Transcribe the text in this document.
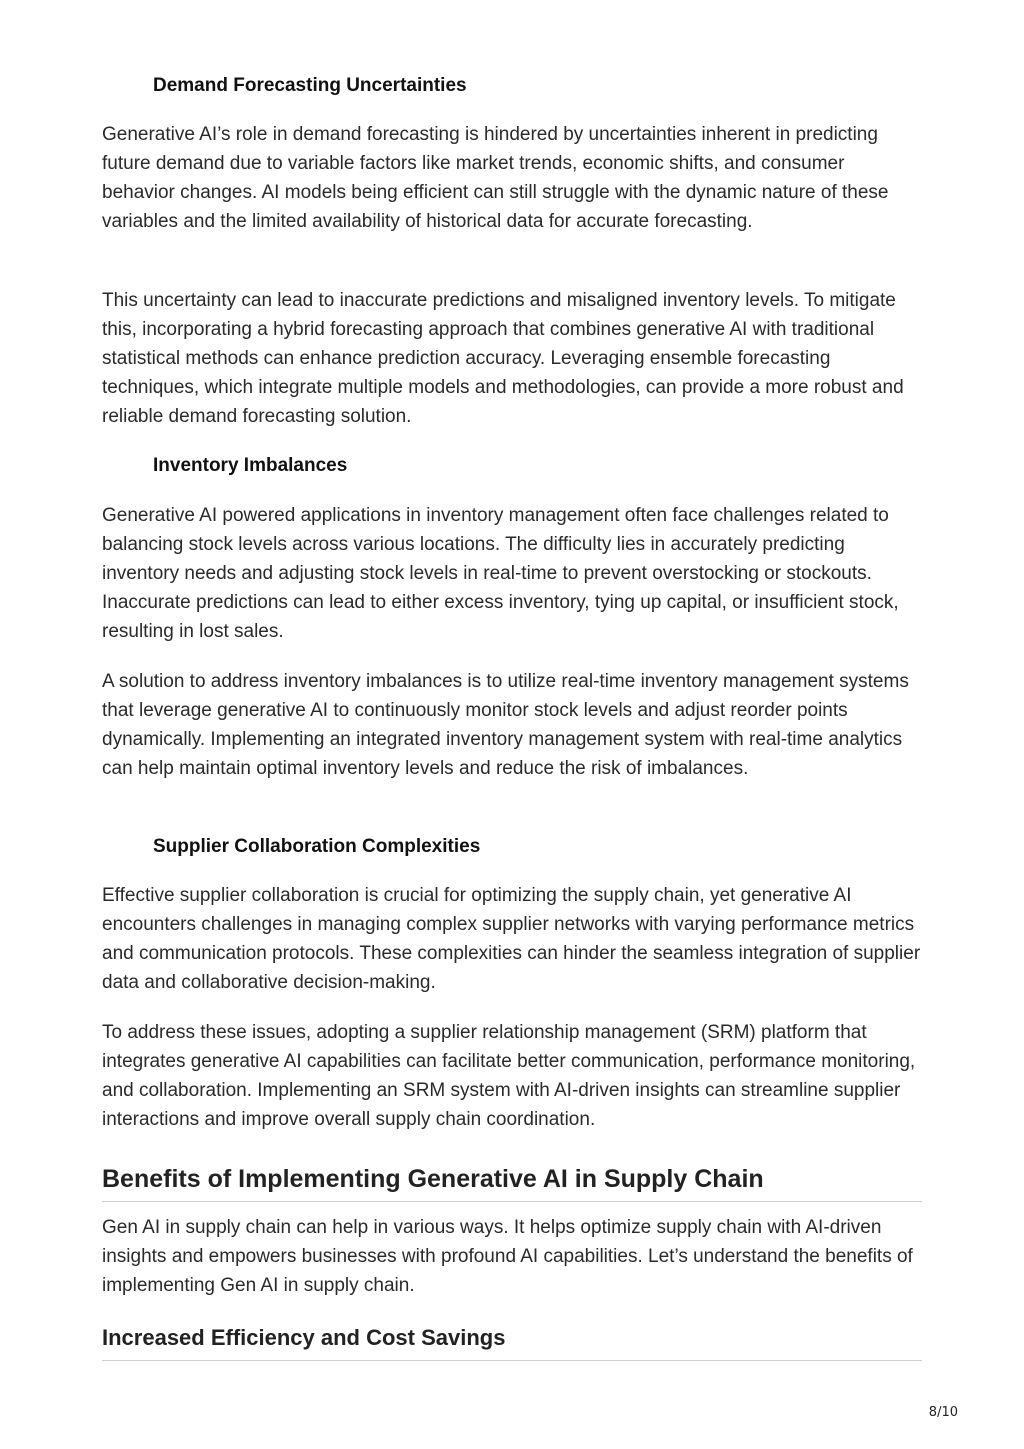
Demand Forecasting Uncertainties

Generative AI’s role in demand forecasting is hindered by uncertainties inherent in predicting future demand due to variable factors like market trends, economic shifts, and consumer behavior changes. AI models being efficient can still struggle with the dynamic nature of these variables and the limited availability of historical data for accurate forecasting.

This uncertainty can lead to inaccurate predictions and misaligned inventory levels. To mitigate this, incorporating a hybrid forecasting approach that combines generative AI with traditional statistical methods can enhance prediction accuracy. Leveraging ensemble forecasting techniques, which integrate multiple models and methodologies, can provide a more robust and reliable demand forecasting solution.

Inventory Imbalances

Generative AI powered applications in inventory management often face challenges related to balancing stock levels across various locations. The difficulty lies in accurately predicting inventory needs and adjusting stock levels in real-time to prevent overstocking or stockouts. Inaccurate predictions can lead to either excess inventory, tying up capital, or insufficient stock, resulting in lost sales.

A solution to address inventory imbalances is to utilize real-time inventory management systems that leverage generative AI to continuously monitor stock levels and adjust reorder points dynamically. Implementing an integrated inventory management system with real-time analytics can help maintain optimal inventory levels and reduce the risk of imbalances.

Supplier Collaboration Complexities

Effective supplier collaboration is crucial for optimizing the supply chain, yet generative AI encounters challenges in managing complex supplier networks with varying performance metrics and communication protocols. These complexities can hinder the seamless integration of supplier data and collaborative decision-making.

To address these issues, adopting a supplier relationship management (SRM) platform that integrates generative AI capabilities can facilitate better communication, performance monitoring, and collaboration. Implementing an SRM system with AI-driven insights can streamline supplier interactions and improve overall supply chain coordination.

Benefits of Implementing Generative AI in Supply Chain

Gen AI in supply chain can help in various ways. It helps optimize supply chain with AI-driven insights and empowers businesses with profound AI capabilities. Let’s understand the benefits of implementing Gen AI in supply chain.

Increased Efficiency and Cost Savings
8/10
